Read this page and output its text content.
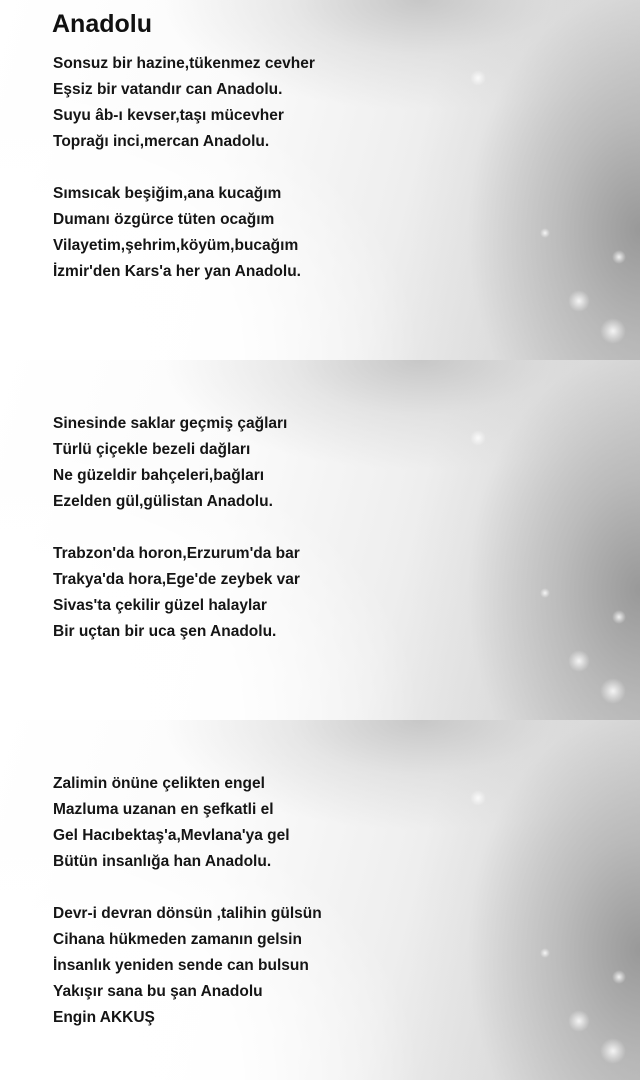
Anadolu
Sonsuz bir hazine,tükenmez cevher
Eşsiz bir vatandır can Anadolu.
Suyu âb-ı kevser,taşı mücevher
Toprağı inci,mercan Anadolu.
Sımsıcak beşiğim,ana kucağım
Dumanı özgürce tüten ocağım
Vilayetim,şehrim,köyüm,bucağım
İzmir'den Kars'a her yan Anadolu.
Sinesinde saklar geçmiş çağları
Türlü çiçekle bezeli dağları
Ne güzeldir bahçeleri,bağları
Ezelden gül,gülistan Anadolu.
Trabzon'da horon,Erzurum'da bar
Trakya'da hora,Ege'de zeybek var
Sivas'ta çekilir güzel halaylar
Bir uçtan bir uca şen Anadolu.
Zalimin önüne çelikten engel
Mazluma uzanan en şefkatli el
Gel Hacıbektaş'a,Mevlana'ya gel
Bütün insanlığa han Anadolu.
Devr-i devran dönsün ,talihin gülsün
Cihana hükmeden zamanın gelsin
İnsanlık yeniden sende can bulsun
Yakışır sana bu şan Anadolu
Engin AKKUŞ
